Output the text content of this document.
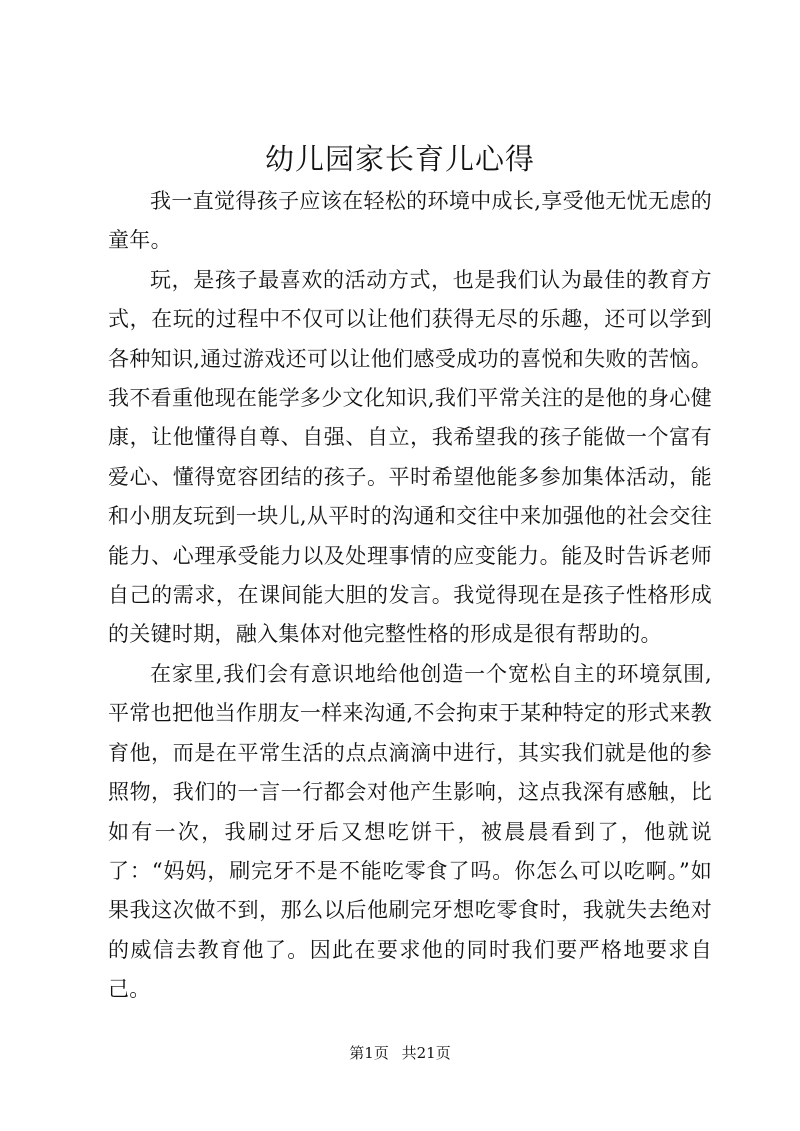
幼儿园家长育儿心得

我一直觉得孩子应该在轻松的环境中成长,享受他无忧无虑的童年。

玩，是孩子最喜欢的活动方式，也是我们认为最佳的教育方式，在玩的过程中不仅可以让他们获得无尽的乐趣，还可以学到各种知识,通过游戏还可以让他们感受成功的喜悦和失败的苦恼。我不看重他现在能学多少文化知识,我们平常关注的是他的身心健康，让他懂得自尊、自强、自立，我希望我的孩子能做一个富有爱心、懂得宽容团结的孩子。平时希望他能多参加集体活动，能和小朋友玩到一块儿,从平时的沟通和交往中来加强他的社会交往能力、心理承受能力以及处理事情的应变能力。能及时告诉老师自己的需求，在课间能大胆的发言。我觉得现在是孩子性格形成的关键时期，融入集体对他完整性格的形成是很有帮助的。

在家里,我们会有意识地给他创造一个宽松自主的环境氛围,平常也把他当作朋友一样来沟通,不会拘束于某种特定的形式来教育他，而是在平常生活的点点滴滴中进行，其实我们就是他的参照物，我们的一言一行都会对他产生影响，这点我深有感触，比如有一次，我刷过牙后又想吃饼干，被晨晨看到了，他就说了：“妈妈，刷完牙不是不能吃零食了吗。你怎么可以吃啊。”如果我这次做不到，那么以后他刷完牙想吃零食时，我就失去绝对的威信去教育他了。因此在要求他的同时我们要严格地要求自己。

第1页 共21页
